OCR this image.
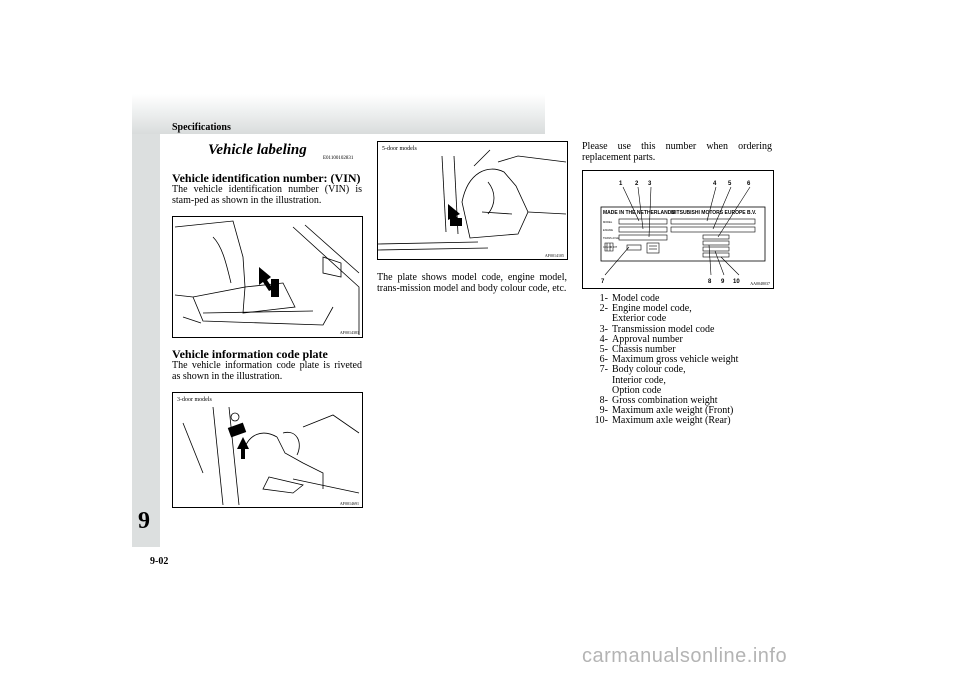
9
9-02
Specifications
Vehicle labeling
E01100102831
Vehicle identification number: (VIN)
The vehicle identification number (VIN) is stam-ped as shown in the illustration.
AF0014381
Vehicle information code plate
The vehicle information code plate is riveted as shown in the illustration.
3-door models
AF0014691
5-door models
AF0014105
The plate shows model code, engine model, trans-mission model and body colour code, etc.
Please use this number when ordering replacement parts.
MADE IN THE NETHERLANDS
MITSUBISHI MOTORS EUROPE B.V.
MODEL
ENGINE
TRANS AXLE
COLOR INT
1 2 3	4 5	6
7	8 9 10	AA0048037
1- Model code
2- Engine model code,
Exterior code
3- Transmission model code
4- Approval number
5- Chassis number
6- Maximum gross vehicle weight
7- Body colour code,
Interior code,
Option code
8- Gross combination weight
9- Maximum axle weight (Front)
10- Maximum axle weight (Rear)
carmanualsonline.info
